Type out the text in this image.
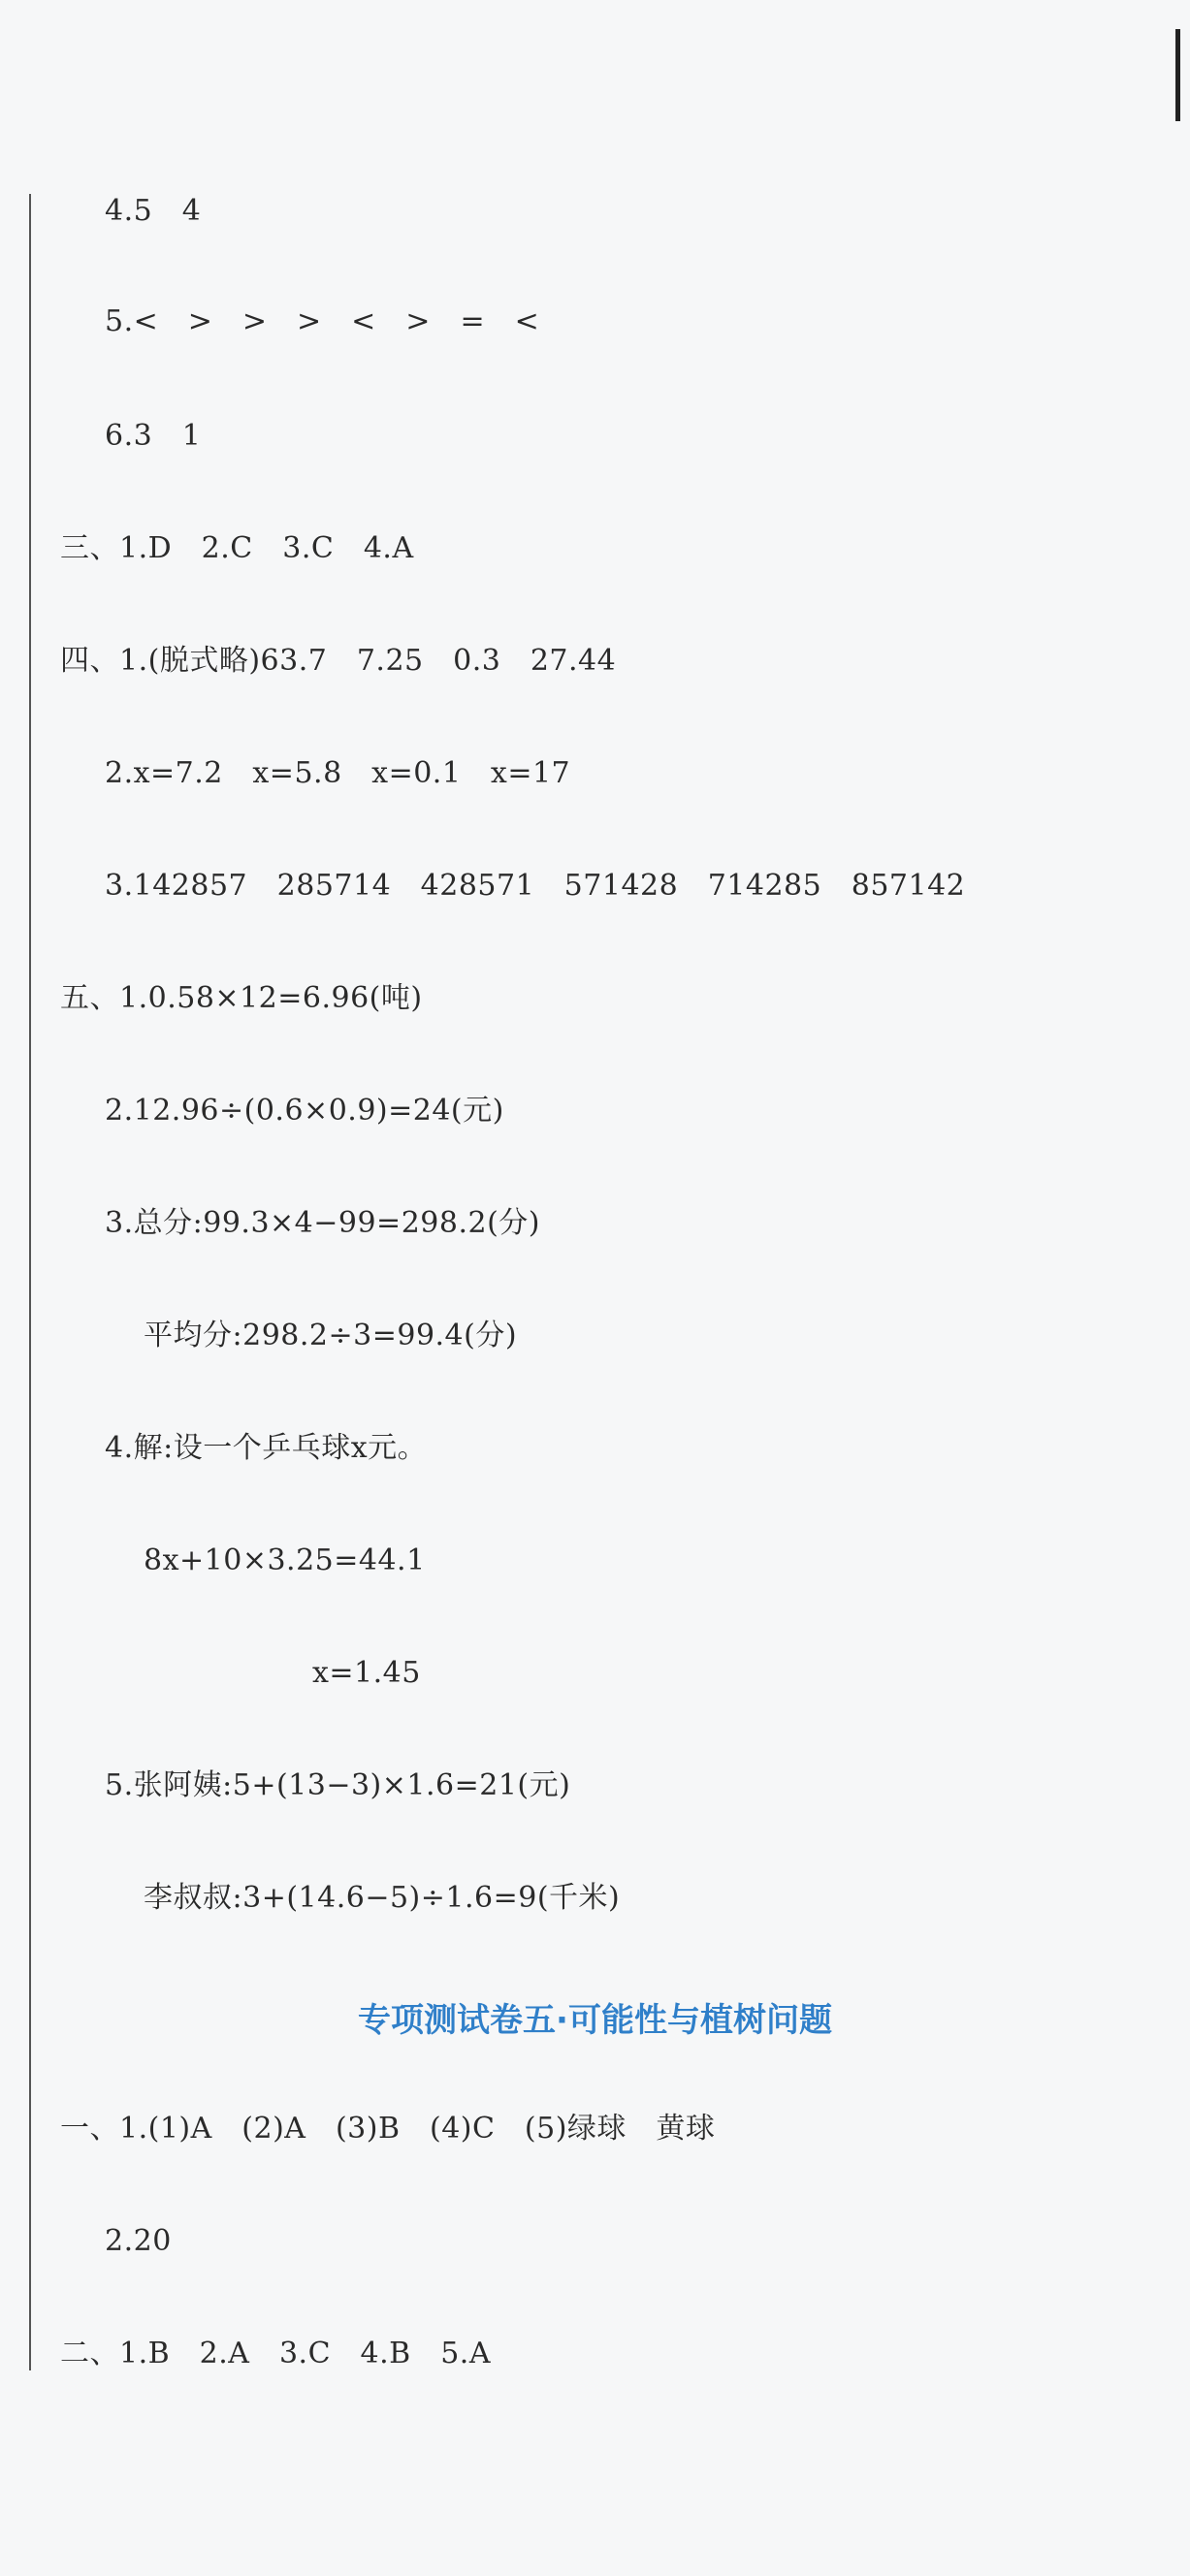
4.5　4
5.<　>　>　>　<　>　=　<
6.3　1
三、1.D　2.C　3.C　4.A
四、1.(脱式略)63.7　7.25　0.3　27.44
2.x=7.2　x=5.8　x=0.1　x=17
3.142857　285714　428571　571428　714285　857142
五、1.0.58×12=6.96(吨)
2.12.96÷(0.6×0.9)=24(元)
3.总分:99.3×4−99=298.2(分)
平均分:298.2÷3=99.4(分)
4.解:设一个乒乓球x元。
8x+10×3.25=44.1
x=1.45
5.张阿姨:5+(13−3)×1.6=21(元)
李叔叔:3+(14.6−5)÷1.6=9(千米)
专项测试卷五·可能性与植树问题
一、1.(1)A　(2)A　(3)B　(4)C　(5)绿球　黄球
2.20
二、1.B　2.A　3.C　4.B　5.A
